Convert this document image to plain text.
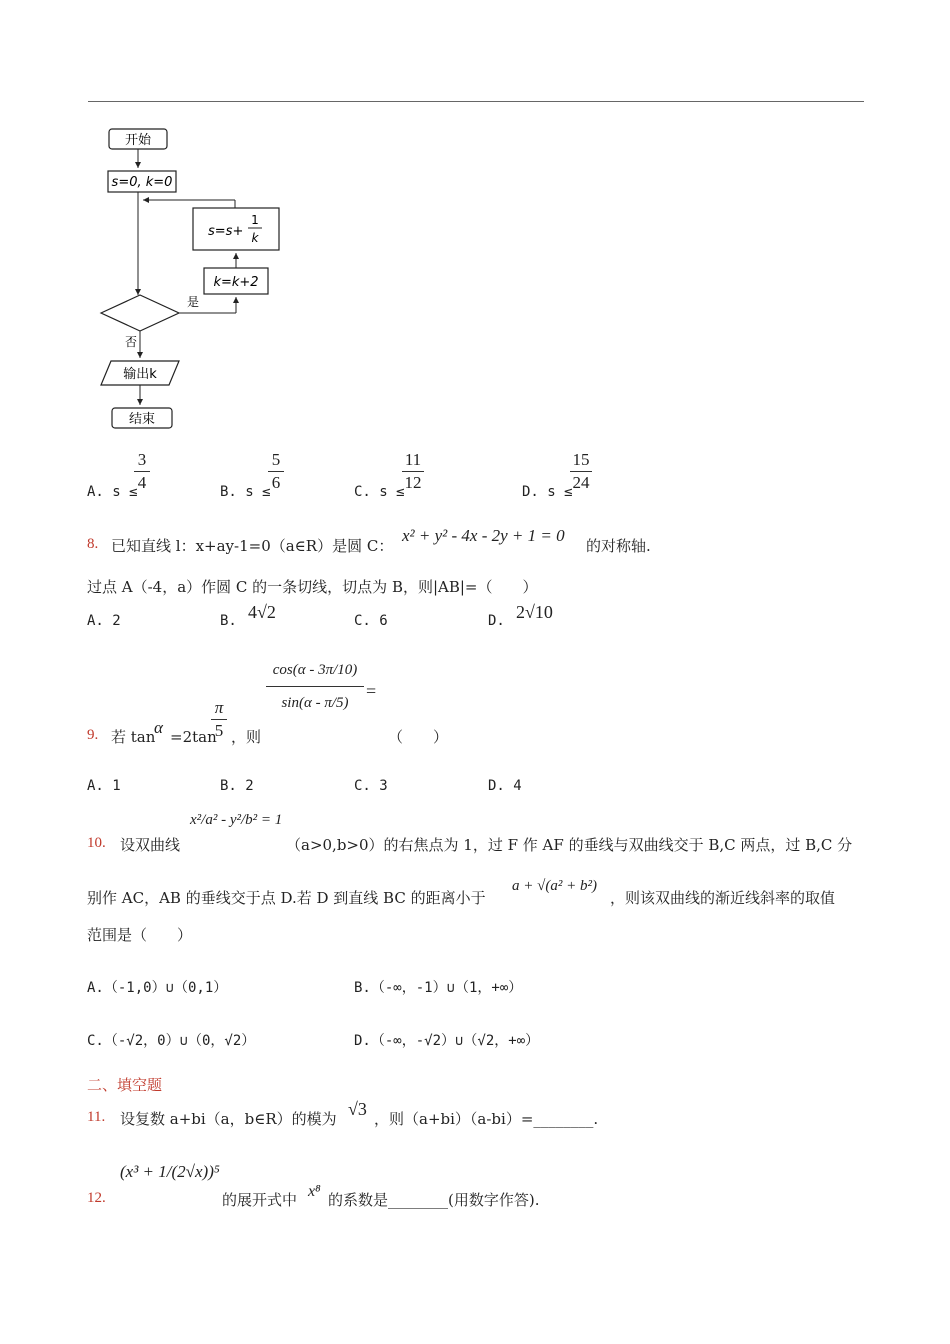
开始
s=0, k=0
s=s+
1
k
k=k+2
是
否
输出k
结束
A. s ≤
3
4	B. s ≤
5
6	C. s ≤
11
12	D. s ≤
15
24
8. 已知直线 l：x+ay-1=0（a∈R）是圆 C：
x² + y² - 4x - 2y + 1 = 0
的对称轴.
过点 A（-4，a）作圆 C 的一条切线，切点为 B，则|AB|=（　　）
A. 2	B. 4√2	C. 6	D. 2√10
9. 若 tan
α =2tan
π
5 ，则
cos(α - 3π/10)
sin(α - π/5)
=
（　　）
A. 1	B. 2	C. 3	D. 4
10. 设双曲线
x²/a² - y²/b² = 1
（a>0,b>0）的右焦点为 1，过 F 作 AF 的垂线与双曲线交于 B,C 两点，过 B,C 分
别作 AC，AB 的垂线交于点 D.若 D 到直线 BC 的距离小于
a + √(a² + b²)
，则该双曲线的渐近线斜率的取值
范围是（　　）
A.（-1,0）∪（0,1）	B.（-∞，-1）∪（1，+∞）
C.（-√2，0）∪（0，√2）	D.（-∞，-√2）∪（√2，+∞）
二、填空题
11. 设复数 a+bi（a，b∈R）的模为 √3 ，则（a+bi）（a-bi）=________.
12.
(x³ + 1/(2√x))⁵
的展开式中 x⁸ 的系数是________(用数字作答).
